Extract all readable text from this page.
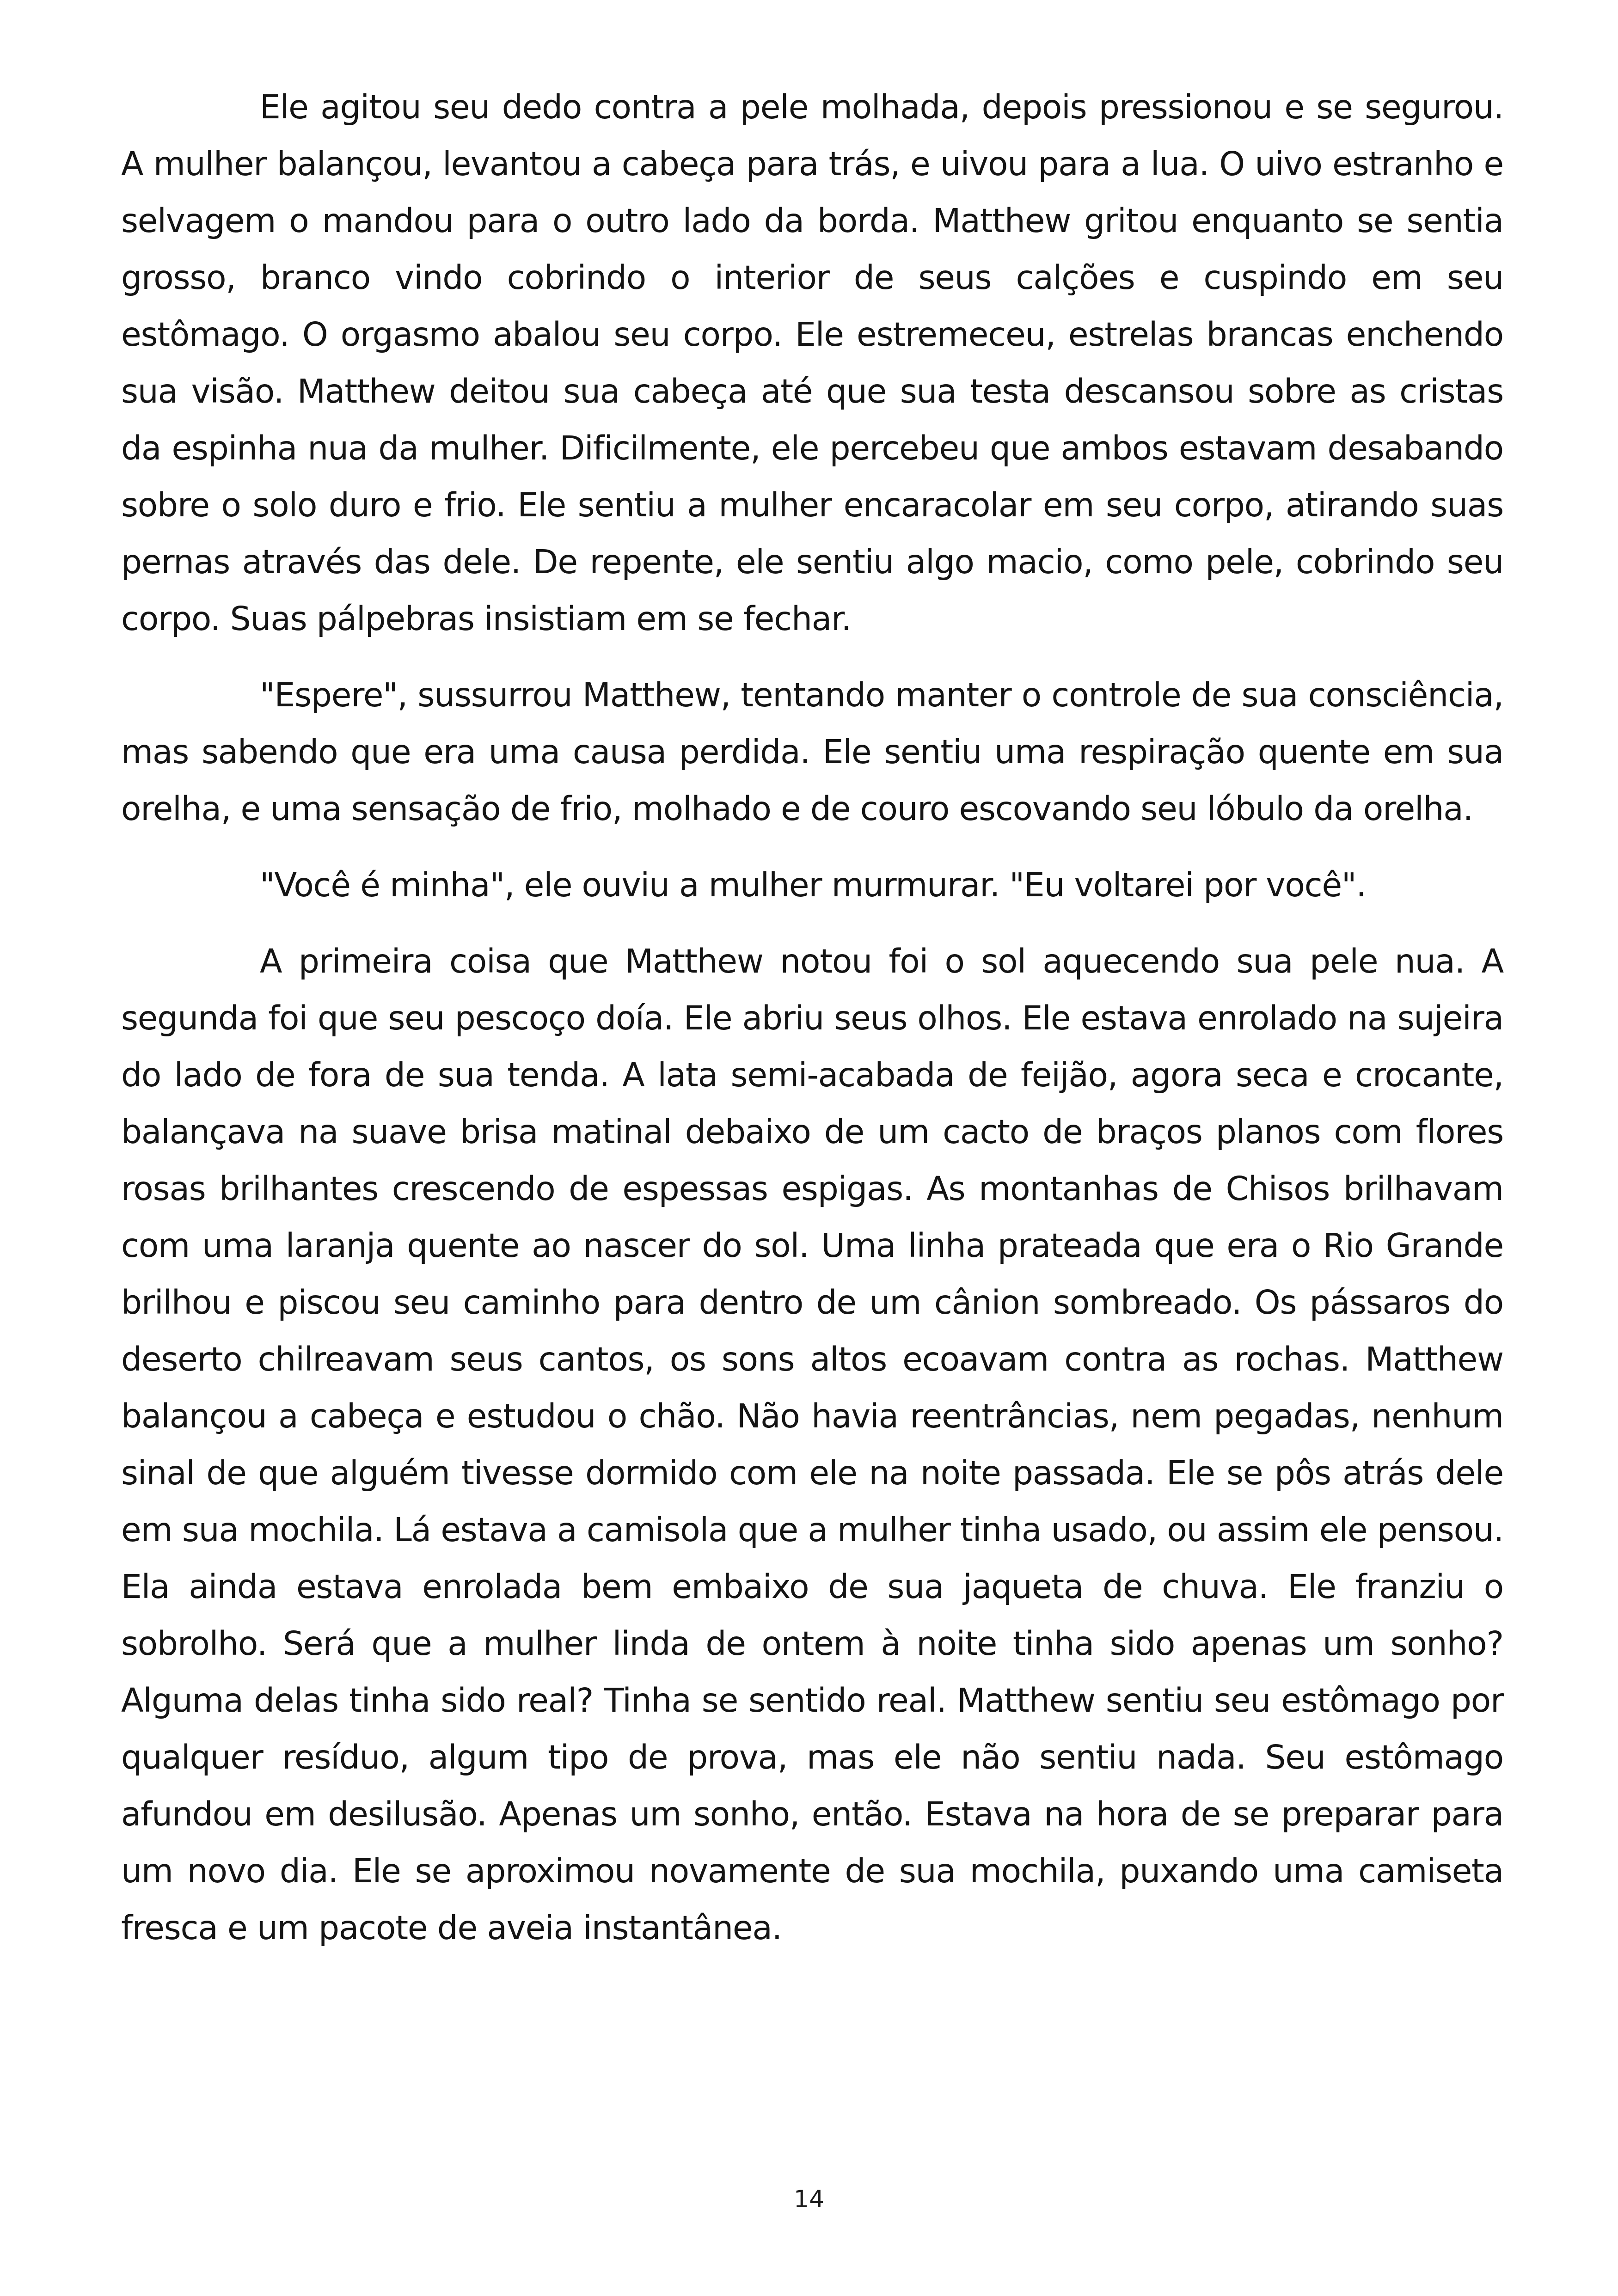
Ele agitou seu dedo contra a pele molhada, depois pressionou e se segurou. A mulher balançou, levantou a cabeça para trás, e uivou para a lua. O uivo estranho e selvagem o mandou para o outro lado da borda. Matthew gritou enquanto se sentia grosso, branco vindo cobrindo o interior de seus calções e cuspindo em seu estômago. O orgasmo abalou seu corpo. Ele estremeceu, estrelas brancas enchendo sua visão. Matthew deitou sua cabeça até que sua testa descansou sobre as cristas da espinha nua da mulher. Dificilmente, ele percebeu que ambos estavam desabando sobre o solo duro e frio. Ele sentiu a mulher encaracolar em seu corpo, atirando suas pernas através das dele. De repente, ele sentiu algo macio, como pele, cobrindo seu corpo. Suas pálpebras insistiam em se fechar.

"Espere", sussurrou Matthew, tentando manter o controle de sua consciência, mas sabendo que era uma causa perdida. Ele sentiu uma respiração quente em sua orelha, e uma sensação de frio, molhado e de couro escovando seu lóbulo da orelha.

"Você é minha", ele ouviu a mulher murmurar. "Eu voltarei por você".

A primeira coisa que Matthew notou foi o sol aquecendo sua pele nua. A segunda foi que seu pescoço doía. Ele abriu seus olhos. Ele estava enrolado na sujeira do lado de fora de sua tenda. A lata semi-acabada de feijão, agora seca e crocante, balançava na suave brisa matinal debaixo de um cacto de braços planos com flores rosas brilhantes crescendo de espessas espigas. As montanhas de Chisos brilhavam com uma laranja quente ao nascer do sol. Uma linha prateada que era o Rio Grande brilhou e piscou seu caminho para dentro de um cânion sombreado. Os pássaros do deserto chilreavam seus cantos, os sons altos ecoavam contra as rochas. Matthew balançou a cabeça e estudou o chão. Não havia reentrâncias, nem pegadas, nenhum sinal de que alguém tivesse dormido com ele na noite passada. Ele se pôs atrás dele em sua mochila. Lá estava a camisola que a mulher tinha usado, ou assim ele pensou. Ela ainda estava enrolada bem embaixo de sua jaqueta de chuva. Ele franziu o sobrolho. Será que a mulher linda de ontem à noite tinha sido apenas um sonho? Alguma delas tinha sido real? Tinha se sentido real. Matthew sentiu seu estômago por qualquer resíduo, algum tipo de prova, mas ele não sentiu nada. Seu estômago afundou em desilusão. Apenas um sonho, então. Estava na hora de se preparar para um novo dia. Ele se aproximou novamente de sua mochila, puxando uma camiseta fresca e um pacote de aveia instantânea.

14
